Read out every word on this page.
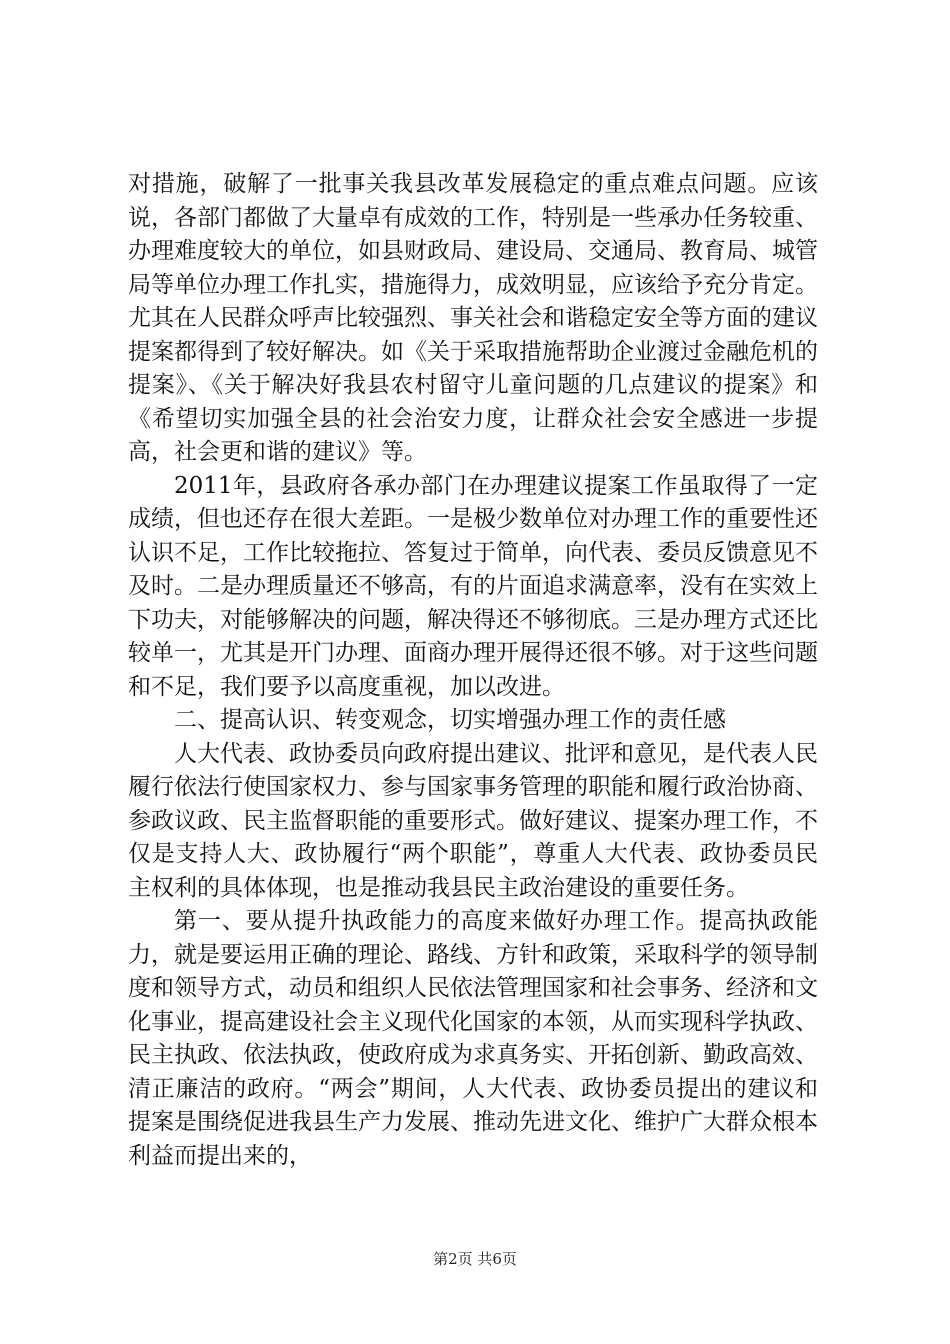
对措施，破解了一批事关我县改革发展稳定的重点难点问题。应该说，各部门都做了大量卓有成效的工作，特别是一些承办任务较重、办理难度较大的单位，如县财政局、建设局、交通局、教育局、城管局等单位办理工作扎实，措施得力，成效明显，应该给予充分肯定。尤其在人民群众呼声比较强烈、事关社会和谐稳定安全等方面的建议提案都得到了较好解决。如《关于采取措施帮助企业渡过金融危机的提案》、《关于解决好我县农村留守儿童问题的几点建议的提案》和《希望切实加强全县的社会治安力度，让群众社会安全感进一步提高，社会更和谐的建议》等。

2011年，县政府各承办部门在办理建议提案工作虽取得了一定成绩，但也还存在很大差距。一是极少数单位对办理工作的重要性还认识不足，工作比较拖拉、答复过于简单，向代表、委员反馈意见不及时。二是办理质量还不够高，有的片面追求满意率，没有在实效上下功夫，对能够解决的问题，解决得还不够彻底。三是办理方式还比较单一，尤其是开门办理、面商办理开展得还很不够。对于这些问题和不足，我们要予以高度重视，加以改进。

二、提高认识、转变观念，切实增强办理工作的责任感

人大代表、政协委员向政府提出建议、批评和意见，是代表人民履行依法行使国家权力、参与国家事务管理的职能和履行政治协商、参政议政、民主监督职能的重要形式。做好建议、提案办理工作，不仅是支持人大、政协履行“两个职能”，尊重人大代表、政协委员民主权利的具体体现，也是推动我县民主政治建设的重要任务。

第一、要从提升执政能力的高度来做好办理工作。提高执政能力，就是要运用正确的理论、路线、方针和政策，采取科学的领导制度和领导方式，动员和组织人民依法管理国家和社会事务、经济和文化事业，提高建设社会主义现代化国家的本领，从而实现科学执政、民主执政、依法执政，使政府成为求真务实、开拓创新、勤政高效、清正廉洁的政府。“两会”期间，人大代表、政协委员提出的建议和提案是围绕促进我县生产力发展、推动先进文化、维护广大群众根本利益而提出来的，

第2页 共6页
